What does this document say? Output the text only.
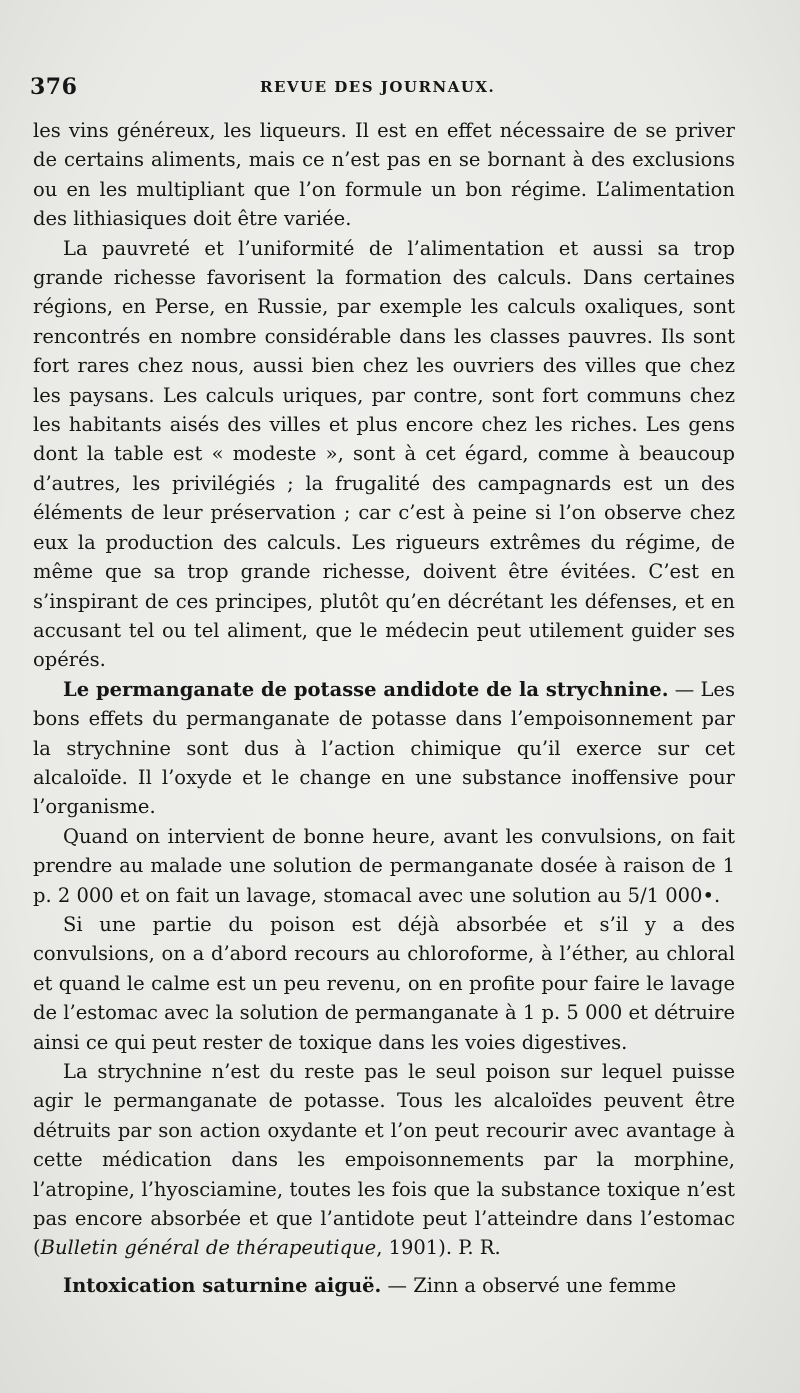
376	REVUE DES JOURNAUX.

les vins généreux, les liqueurs. Il est en effet nécessaire de se priver de certains aliments, mais ce n’est pas en se bornant à des exclusions ou en les multipliant que l’on formule un bon régime. L’alimentation des lithiasiques doit être variée.

La pauvreté et l’uniformité de l’alimentation et aussi sa trop grande richesse favorisent la formation des calculs. Dans certaines régions, en Perse, en Russie, par exemple les calculs oxaliques, sont rencontrés en nombre considérable dans les classes pauvres. Ils sont fort rares chez nous, aussi bien chez les ouvriers des villes que chez les paysans. Les calculs uriques, par contre, sont fort communs chez les habitants aisés des villes et plus encore chez les riches. Les gens dont la table est « modeste », sont à cet égard, comme à beaucoup d’autres, les privilégiés ; la frugalité des campagnards est un des éléments de leur préservation ; car c’est à peine si l’on observe chez eux la production des calculs. Les rigueurs extrêmes du régime, de même que sa trop grande richesse, doivent être évitées. C’est en s’inspirant de ces principes, plutôt qu’en décrétant les défenses, et en accusant tel ou tel aliment, que le médecin peut utilement guider ses opérés.

Le permanganate de potasse andidote de la strychnine. — Les bons effets du permanganate de potasse dans l’empoisonnement par la strychnine sont dus à l’action chimique qu’il exerce sur cet alcaloïde. Il l’oxyde et le change en une substance inoffensive pour l’organisme.

Quand on intervient de bonne heure, avant les convulsions, on fait prendre au malade une solution de permanganate dosée à raison de 1 p. 2 000 et on fait un lavage, stomacal avec une solution au 5/1 000•.

Si une partie du poison est déjà absorbée et s’il y a des convulsions, on a d’abord recours au chloroforme, à l’éther, au chloral et quand le calme est un peu revenu, on en profite pour faire le lavage de l’estomac avec la solution de permanganate à 1 p. 5 000 et détruire ainsi ce qui peut rester de toxique dans les voies digestives.

La strychnine n’est du reste pas le seul poison sur lequel puisse agir le permanganate de potasse. Tous les alcaloïdes peuvent être détruits par son action oxydante et l’on peut recourir avec avantage à cette médication dans les empoisonnements par la morphine, l’atropine, l’hyosciamine, toutes les fois que la substance toxique n’est pas encore absorbée et que l’antidote peut l’atteindre dans l’estomac (Bulletin général de thérapeutique, 1901). P. R.

Intoxication saturnine aiguë. — Zinn a observé une femme
